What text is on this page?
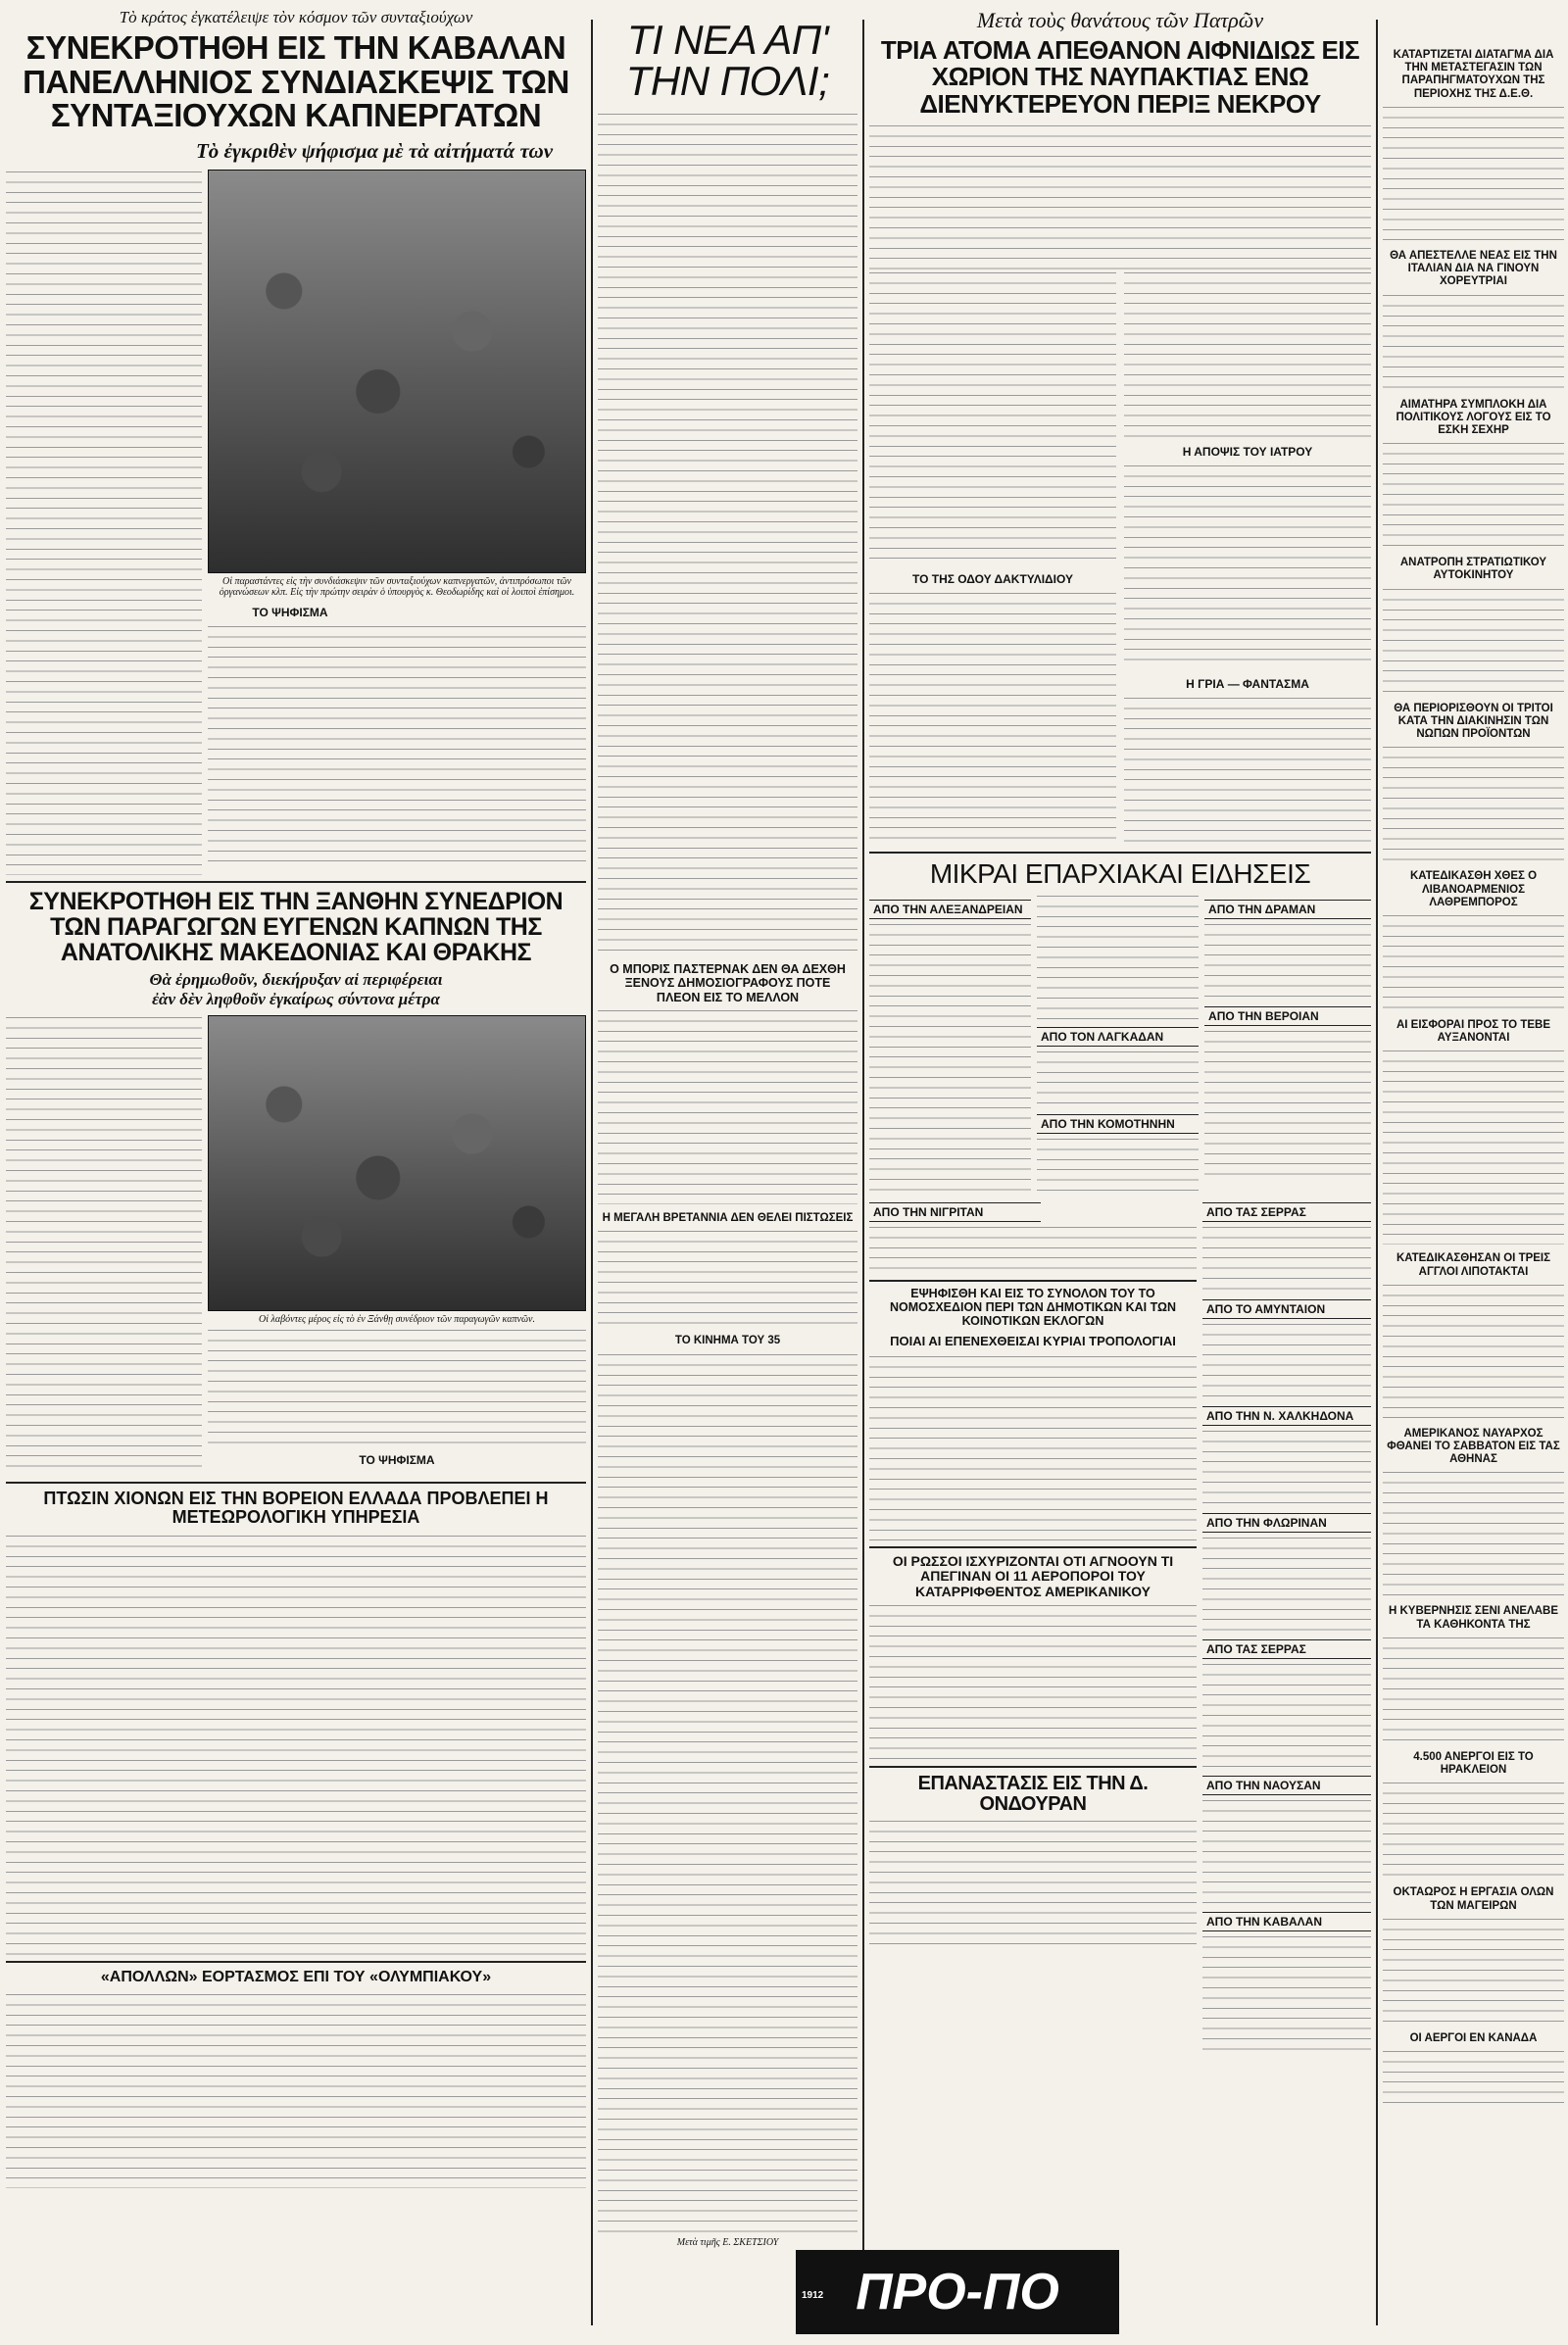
Τὸ κράτος ἐγκατέλειψε τὸν κόσμον τῶν συνταξιούχων
ΣΥΝΕΚΡΟΤΗΘΗ ΕΙΣ ΤΗΝ ΚΑΒΑΛΑΝ ΠΑΝΕΛΛΗΝΙΟΣ ΣΥΝΔΙΑΣΚΕΨΙΣ ΤΩΝ ΣΥΝΤΑΞΙΟΥΧΩΝ ΚΑΠΝΕΡΓΑΤΩΝ
Τὸ ἐγκριθὲν ψήφισμα μὲ τὰ αἰτήματά των
Οἱ παραστάντες εἰς τὴν συνδιάσκεψιν τῶν συνταξιούχων καπνεργατῶν, ἀντιπρόσωποι τῶν ὀργανώσεων κλπ. Εἰς τὴν πρώτην σειρὰν ὁ ὑπουργὸς κ. Θεοδωρίδης καὶ οἱ λοιποὶ ἐπίσημοι.
ΤΟ ΨΗΦΙΣΜΑ
ΣΥΝΕΚΡΟΤΗΘΗ ΕΙΣ ΤΗΝ ΞΑΝΘΗΝ ΣΥΝΕΔΡΙΟΝ ΤΩΝ ΠΑΡΑΓΩΓΩΝ ΕΥΓΕΝΩΝ ΚΑΠΝΩΝ ΤΗΣ ΑΝΑΤΟΛΙΚΗΣ ΜΑΚΕΔΟΝΙΑΣ ΚΑΙ ΘΡΑΚΗΣ
Θὰ ἐρημωθοῦν, διεκήρυξαν αἱ περιφέρειαι
ἐὰν δὲν ληφθοῦν ἐγκαίρως σύντονα μέτρα
Οἱ λαβόντες μέρος εἰς τὸ ἐν Ξάνθῃ συνέδριον τῶν παραγωγῶν καπνῶν.
ΤΟ ΨΗΦΙΣΜΑ
ΠΤΩΣΙΝ ΧΙΟΝΩΝ ΕΙΣ ΤΗΝ ΒΟΡΕΙΟΝ ΕΛΛΑΔΑ ΠΡΟΒΛΕΠΕΙ Η ΜΕΤΕΩΡΟΛΟΓΙΚΗ ΥΠΗΡΕΣΙΑ
«ΑΠΟΛΛΩΝ» ΕΟΡΤΑΣΜΟΣ ΕΠΙ ΤΟΥ «ΟΛΥΜΠΙΑΚΟΥ»
ΤΙ ΝΕΑ ΑΠ' ΤΗΝ ΠΟΛΙ;
Ο ΜΠΟΡΙΣ ΠΑΣΤΕΡΝΑΚ ΔΕΝ ΘΑ ΔΕΧΘΗ ΞΕΝΟΥΣ ΔΗΜΟΣΙΟΓΡΑΦΟΥΣ ΠΟΤΕ ΠΛΕΟΝ ΕΙΣ ΤΟ ΜΕΛΛΟΝ
Η ΜΕΓΑΛΗ ΒΡΕΤΑΝΝΙΑ ΔΕΝ ΘΕΛΕΙ ΠΙΣΤΩΣΕΙΣ
ΤΟ ΚΙΝΗΜΑ ΤΟΥ 35
Μετὰ τιμῆς Ε. ΣΚΕΤΣΙΟΥ
Μετὰ τοὺς θανάτους τῶν Πατρῶν
ΤΡΙΑ ΑΤΟΜΑ ΑΠΕΘΑΝΟΝ ΑΙΦΝΙΔΙΩΣ ΕΙΣ ΧΩΡΙΟΝ ΤΗΣ ΝΑΥΠΑΚΤΙΑΣ ΕΝΩ ΔΙΕΝΥΚΤΕΡΕΥΟΝ ΠΕΡΙΞ ΝΕΚΡΟΥ
ΤΟ ΤΗΣ ΟΔΟΥ ΔΑΚΤΥΛΙΔΙΟΥ
Η ΑΠΟΨΙΣ ΤΟΥ ΙΑΤΡΟΥ
Η ΓΡΙΑ — ΦΑΝΤΑΣΜΑ
ΜΙΚΡΑΙ ΕΠΑΡΧΙΑΚΑΙ ΕΙΔΗΣΕΙΣ
ΑΠΟ ΤΗΝ ΑΛΕΞΑΝΔΡΕΙΑΝ
ΑΠΟ ΤΟΝ ΛΑΓΚΑΔΑΝ
ΑΠΟ ΤΗΝ ΚΟΜΟΤΗΝΗΝ
ΑΠΟ ΤΗΝ ΔΡΑΜΑΝ
ΑΠΟ ΤΗΝ ΒΕΡΟΙΑΝ
ΑΠΟ ΤΗΝ ΝΙΓΡΙΤΑΝ
ΕΨΗΦΙΣΘΗ ΚΑΙ ΕΙΣ ΤΟ ΣΥΝΟΛΟΝ ΤΟΥ ΤΟ ΝΟΜΟΣΧΕΔΙΟΝ ΠΕΡΙ ΤΩΝ ΔΗΜΟΤΙΚΩΝ ΚΑΙ ΤΩΝ ΚΟΙΝΟΤΙΚΩΝ ΕΚΛΟΓΩΝ
ΠΟΙΑΙ ΑΙ ΕΠΕΝΕΧΘΕΙΣΑΙ ΚΥΡΙΑΙ ΤΡΟΠΟΛΟΓΙΑΙ
ΟΙ ΡΩΣΣΟΙ ΙΣΧΥΡΙΖΟΝΤΑΙ ΟΤΙ ΑΓΝΟΟΥΝ ΤΙ ΑΠΕΓΙΝΑΝ ΟΙ 11 ΑΕΡΟΠΟΡΟΙ ΤΟΥ ΚΑΤΑΡΡΙΦΘΕΝΤΟΣ ΑΜΕΡΙΚΑΝΙΚΟΥ
ΕΠΑΝΑΣΤΑΣΙΣ ΕΙΣ ΤΗΝ Δ. ΟΝΔΟΥΡΑΝ
ΑΠΟ ΤΑΣ ΣΕΡΡΑΣ
ΑΠΟ ΤΟ ΑΜΥΝΤΑΙΟΝ
ΑΠΟ ΤΗΝ Ν. ΧΑΛΚΗΔΟΝΑ
ΑΠΟ ΤΗΝ ΦΛΩΡΙΝΑΝ
ΑΠΟ ΤΑΣ ΣΕΡΡΑΣ
ΑΠΟ ΤΗΝ ΝΑΟΥΣΑΝ
ΑΠΟ ΤΗΝ ΚΑΒΑΛΑΝ
1912 ΠΡΟ-ΠΟ
ΚΑΤΑΡΤΙΖΕΤΑΙ ΔΙΑΤΑΓΜΑ ΔΙΑ ΤΗΝ ΜΕΤΑΣΤΕΓΑΣΙΝ ΤΩΝ ΠΑΡΑΠΗΓΜΑΤΟΥΧΩΝ ΤΗΣ ΠΕΡΙΟΧΗΣ ΤΗΣ Δ.Ε.Θ.
ΘΑ ΑΠΕΣΤΕΛΛΕ ΝΕΑΣ ΕΙΣ ΤΗΝ ΙΤΑΛΙΑΝ ΔΙΑ ΝΑ ΓΙΝΟΥΝ ΧΟΡΕΥΤΡΙΑΙ
ΑΙΜΑΤΗΡΑ ΣΥΜΠΛΟΚΗ ΔΙΑ ΠΟΛΙΤΙΚΟΥΣ ΛΟΓΟΥΣ ΕΙΣ ΤΟ ΕΣΚΗ ΣΕΧΗΡ
ΑΝΑΤΡΟΠΗ ΣΤΡΑΤΙΩΤΙΚΟΥ ΑΥΤΟΚΙΝΗΤΟΥ
ΘΑ ΠΕΡΙΟΡΙΣΘΟΥΝ ΟΙ ΤΡΙΤΟΙ ΚΑΤΑ ΤΗΝ ΔΙΑΚΙΝΗΣΙΝ ΤΩΝ ΝΩΠΩΝ ΠΡΟΪΟΝΤΩΝ
ΚΑΤΕΔΙΚΑΣΘΗ ΧΘΕΣ Ο ΛΙΒΑΝΟΑΡΜΕΝΙΟΣ ΛΑΘΡΕΜΠΟΡΟΣ
ΑΙ ΕΙΣΦΟΡΑΙ ΠΡΟΣ ΤΟ ΤΕΒΕ ΑΥΞΑΝΟΝΤΑΙ
ΚΑΤΕΔΙΚΑΣΘΗΣΑΝ ΟΙ ΤΡΕΙΣ ΑΓΓΛΟΙ ΛΙΠΟΤΑΚΤΑΙ
ΑΜΕΡΙΚΑΝΟΣ ΝΑΥΑΡΧΟΣ ΦΘΑΝΕΙ ΤΟ ΣΑΒΒΑΤΟΝ ΕΙΣ ΤΑΣ ΑΘΗΝΑΣ
Η ΚΥΒΕΡΝΗΣΙΣ ΣΕΝΙ ΑΝΕΛΑΒΕ ΤΑ ΚΑΘΗΚΟΝΤΑ ΤΗΣ
4.500 ΑΝΕΡΓΟΙ ΕΙΣ ΤΟ ΗΡΑΚΛΕΙΟΝ
ΟΚΤΑΩΡΟΣ Η ΕΡΓΑΣΙΑ ΟΛΩΝ ΤΩΝ ΜΑΓΕΙΡΩΝ
ΟΙ ΑΕΡΓΟΙ ΕΝ ΚΑΝΑΔΑ
